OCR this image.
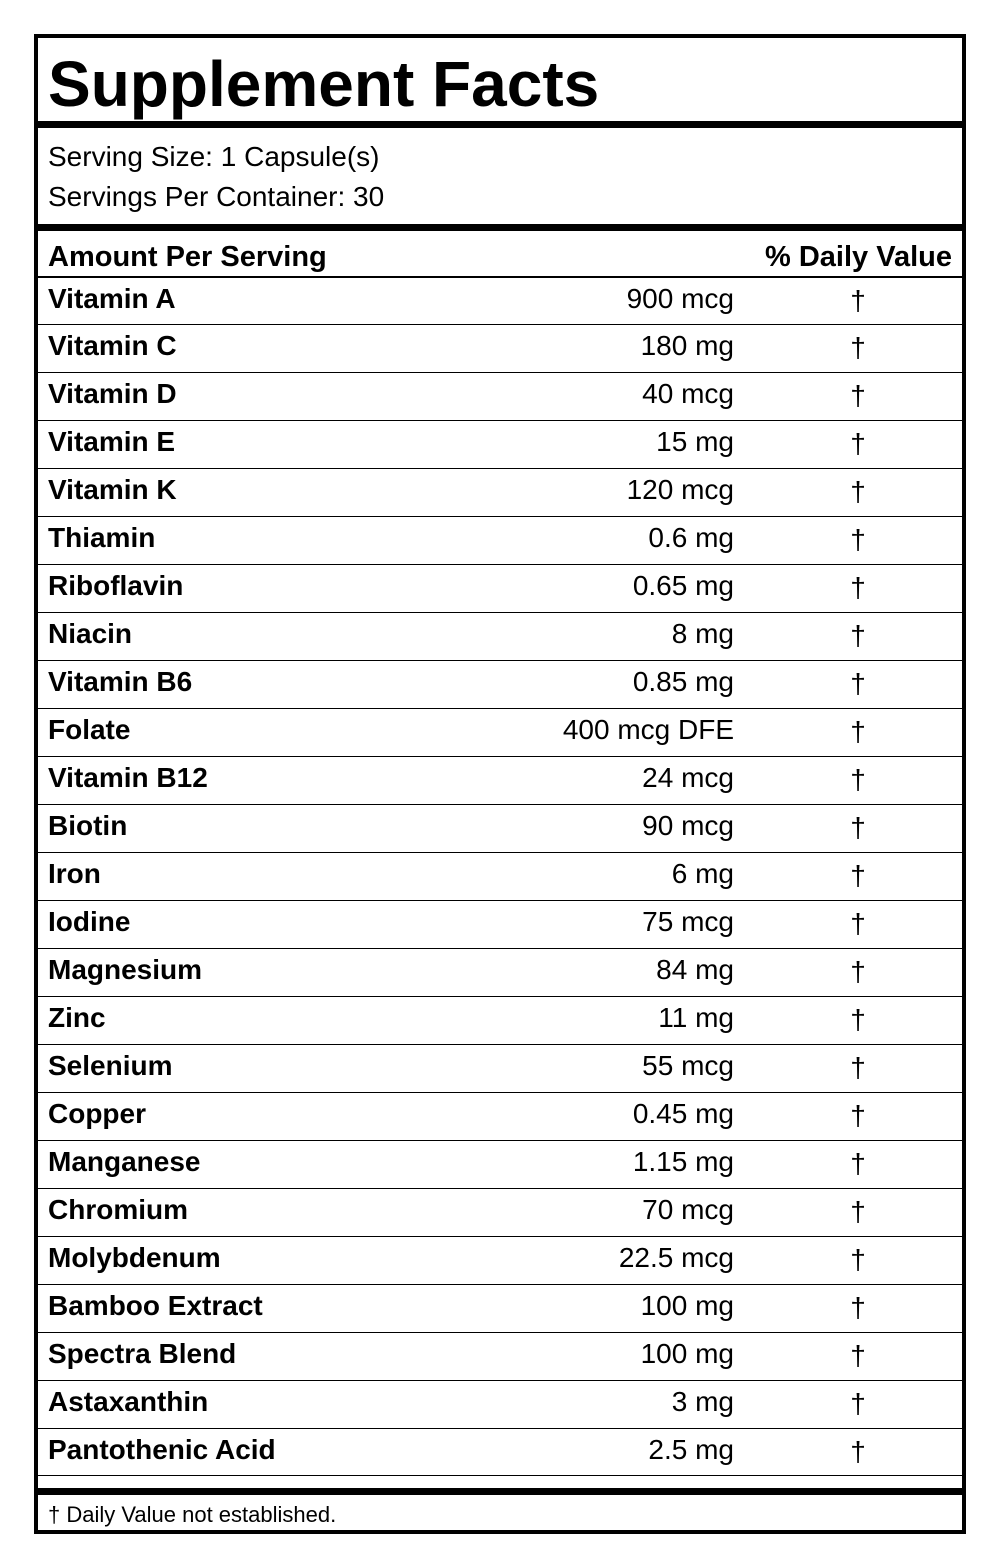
Supplement Facts
Serving Size: 1 Capsule(s)
Servings Per Container: 30
Amount Per Serving	% Daily Value
Vitamin A	900 mcg	†
Vitamin C	180 mg	†
Vitamin D	40 mcg	†
Vitamin E	15 mg	†
Vitamin K	120 mcg	†
Thiamin	0.6 mg	†
Riboflavin	0.65 mg	†
Niacin	8 mg	†
Vitamin B6	0.85 mg	†
Folate	400 mcg DFE	†
Vitamin B12	24 mcg	†
Biotin	90 mcg	†
Iron	6 mg	†
Iodine	75 mcg	†
Magnesium	84 mg	†
Zinc	11 mg	†
Selenium	55 mcg	†
Copper	0.45 mg	†
Manganese	1.15 mg	†
Chromium	70 mcg	†
Molybdenum	22.5 mcg	†
Bamboo Extract	100 mg	†
Spectra Blend	100 mg	†
Astaxanthin	3 mg	†
Pantothenic Acid	2.5 mg	†
† Daily Value not established.
